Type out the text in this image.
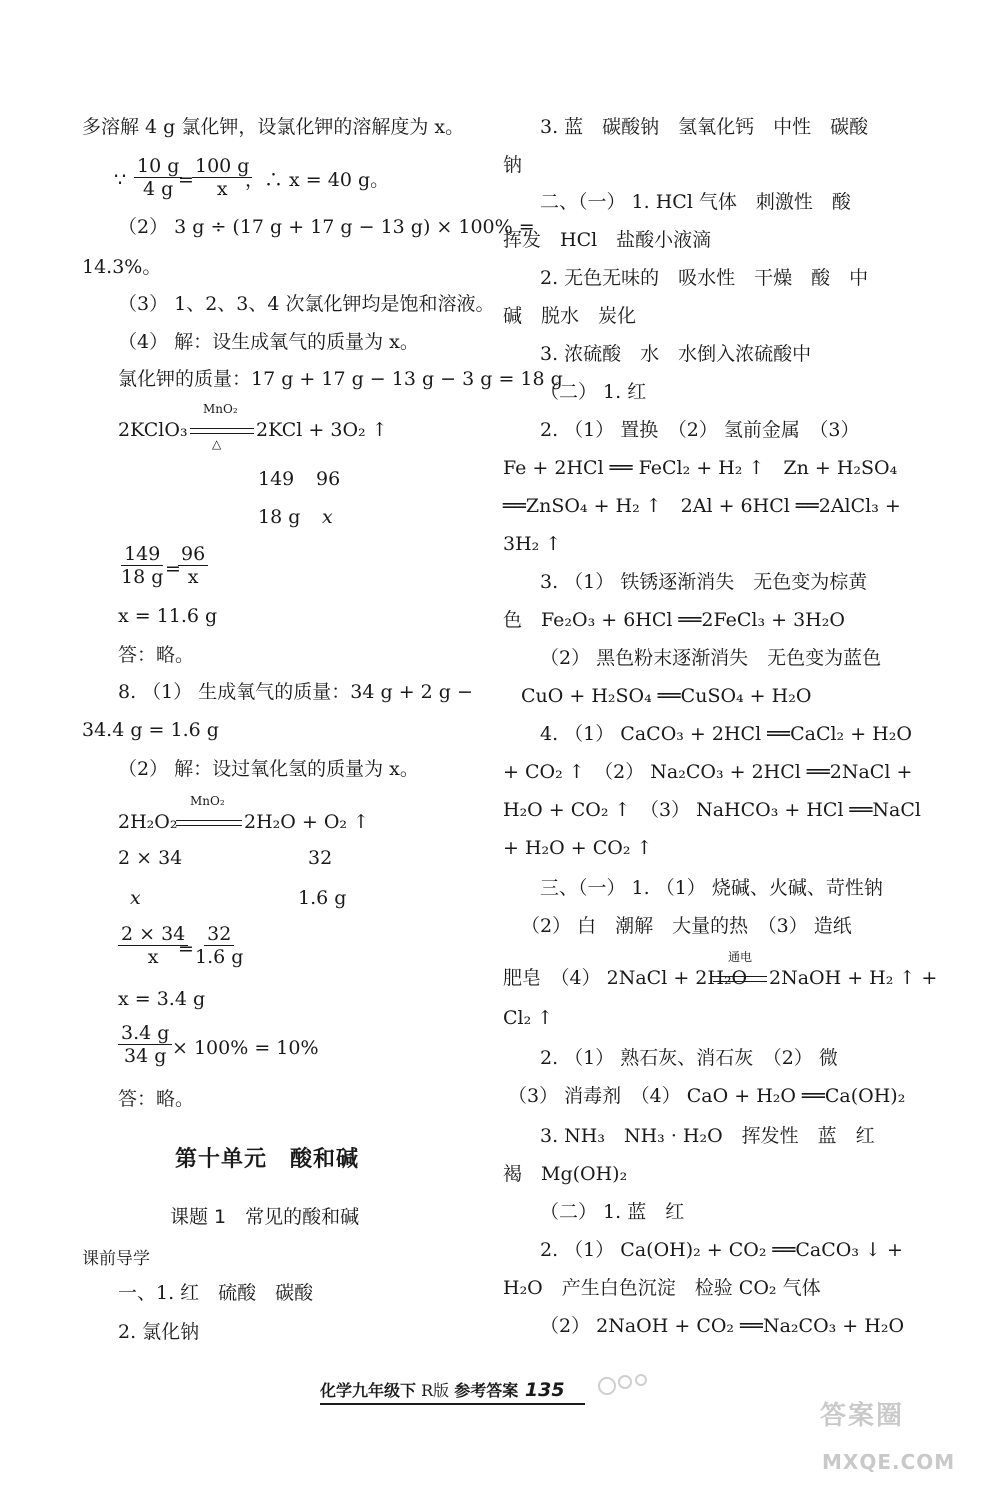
多溶解 4 g 氯化钾，设氯化钾的溶解度为 x。
∵ $\frac{10 g}{4 g}$
=
$\frac{100 g}{x}$
，∴ x = 40 g。
（2） 3 g ÷ (17 g + 17 g − 13 g) × 100% =
14.3%。
（3） 1、2、3、4 次氯化钾均是饱和溶液。
（4） 解：设生成氧气的质量为 x。
氯化钾的质量：17 g + 17 g − 13 g − 3 g = 18 g
2KClO₃
MnO₂
△
2KCl + 3O₂ ↑
149 96
18 g x
$\frac{149}{18 g}$
=
$\frac{96}{x}$
x = 11.6 g
答：略。
8. （1） 生成氧气的质量：34 g + 2 g −
34.4 g = 1.6 g
（2） 解：设过氧化氢的质量为 x。
2H₂O₂
MnO₂
2H₂O + O₂ ↑
2 × 34	32
x	1.6 g
$\frac{2 \times 34}{x}$
=
$\frac{32}{1.6 g}$
x = 3.4 g
$\frac{3.4 g}{34 g} \times 100\% = 10\%$
答：略。
第十单元　酸和碱
课题 1　常见的酸和碱
课前导学
一、1. 红　硫酸　碳酸
2. 氯化钠
3. 蓝　碳酸钠　氢氧化钙　中性　碳酸
钠
二、（一） 1. HCl 气体　刺激性　酸
挥发　HCl　盐酸小液滴
2. 无色无味的　吸水性　干燥　酸　中
碱　脱水　炭化
3. 浓硫酸　水　水倒入浓硫酸中
（二） 1. 红
2. （1） 置换　（2） 氢前金属　（3）
Fe + 2HCl ══ FeCl₂ + H₂ ↑　Zn + H₂SO₄
══ZnSO₄ + H₂ ↑　2Al + 6HCl ══2AlCl₃ +
3H₂ ↑
3. （1） 铁锈逐渐消失　无色变为棕黄
色　Fe₂O₃ + 6HCl ══2FeCl₃ + 3H₂O
（2） 黑色粉末逐渐消失　无色变为蓝色
CuO + H₂SO₄ ══CuSO₄ + H₂O
4. （1） CaCO₃ + 2HCl ══CaCl₂ + H₂O
+ CO₂ ↑　（2） Na₂CO₃ + 2HCl ══2NaCl +
H₂O + CO₂ ↑　（3） NaHCO₃ + HCl ══NaCl
+ H₂O + CO₂ ↑
三、（一） 1. （1） 烧碱、火碱、苛性钠
（2） 白　潮解　大量的热　（3） 造纸
肥皂　（4） 2NaCl + 2H₂O
通电
2NaOH + H₂ ↑ +
Cl₂ ↑
2. （1） 熟石灰、消石灰　（2） 微
（3） 消毒剂　（4） CaO + H₂O ══Ca(OH)₂
3. NH₃　NH₃ · H₂O　挥发性　蓝　红
褐　Mg(OH)₂
（二） 1. 蓝　红
2. （1） Ca(OH)₂ + CO₂ ══CaCO₃ ↓ +
H₂O　产生白色沉淀　检验 CO₂ 气体
（2） 2NaOH + CO₂ ══Na₂CO₃ + H₂O
化学九年级下 R版 参考答案 135
答案圈
MXQE.COM
